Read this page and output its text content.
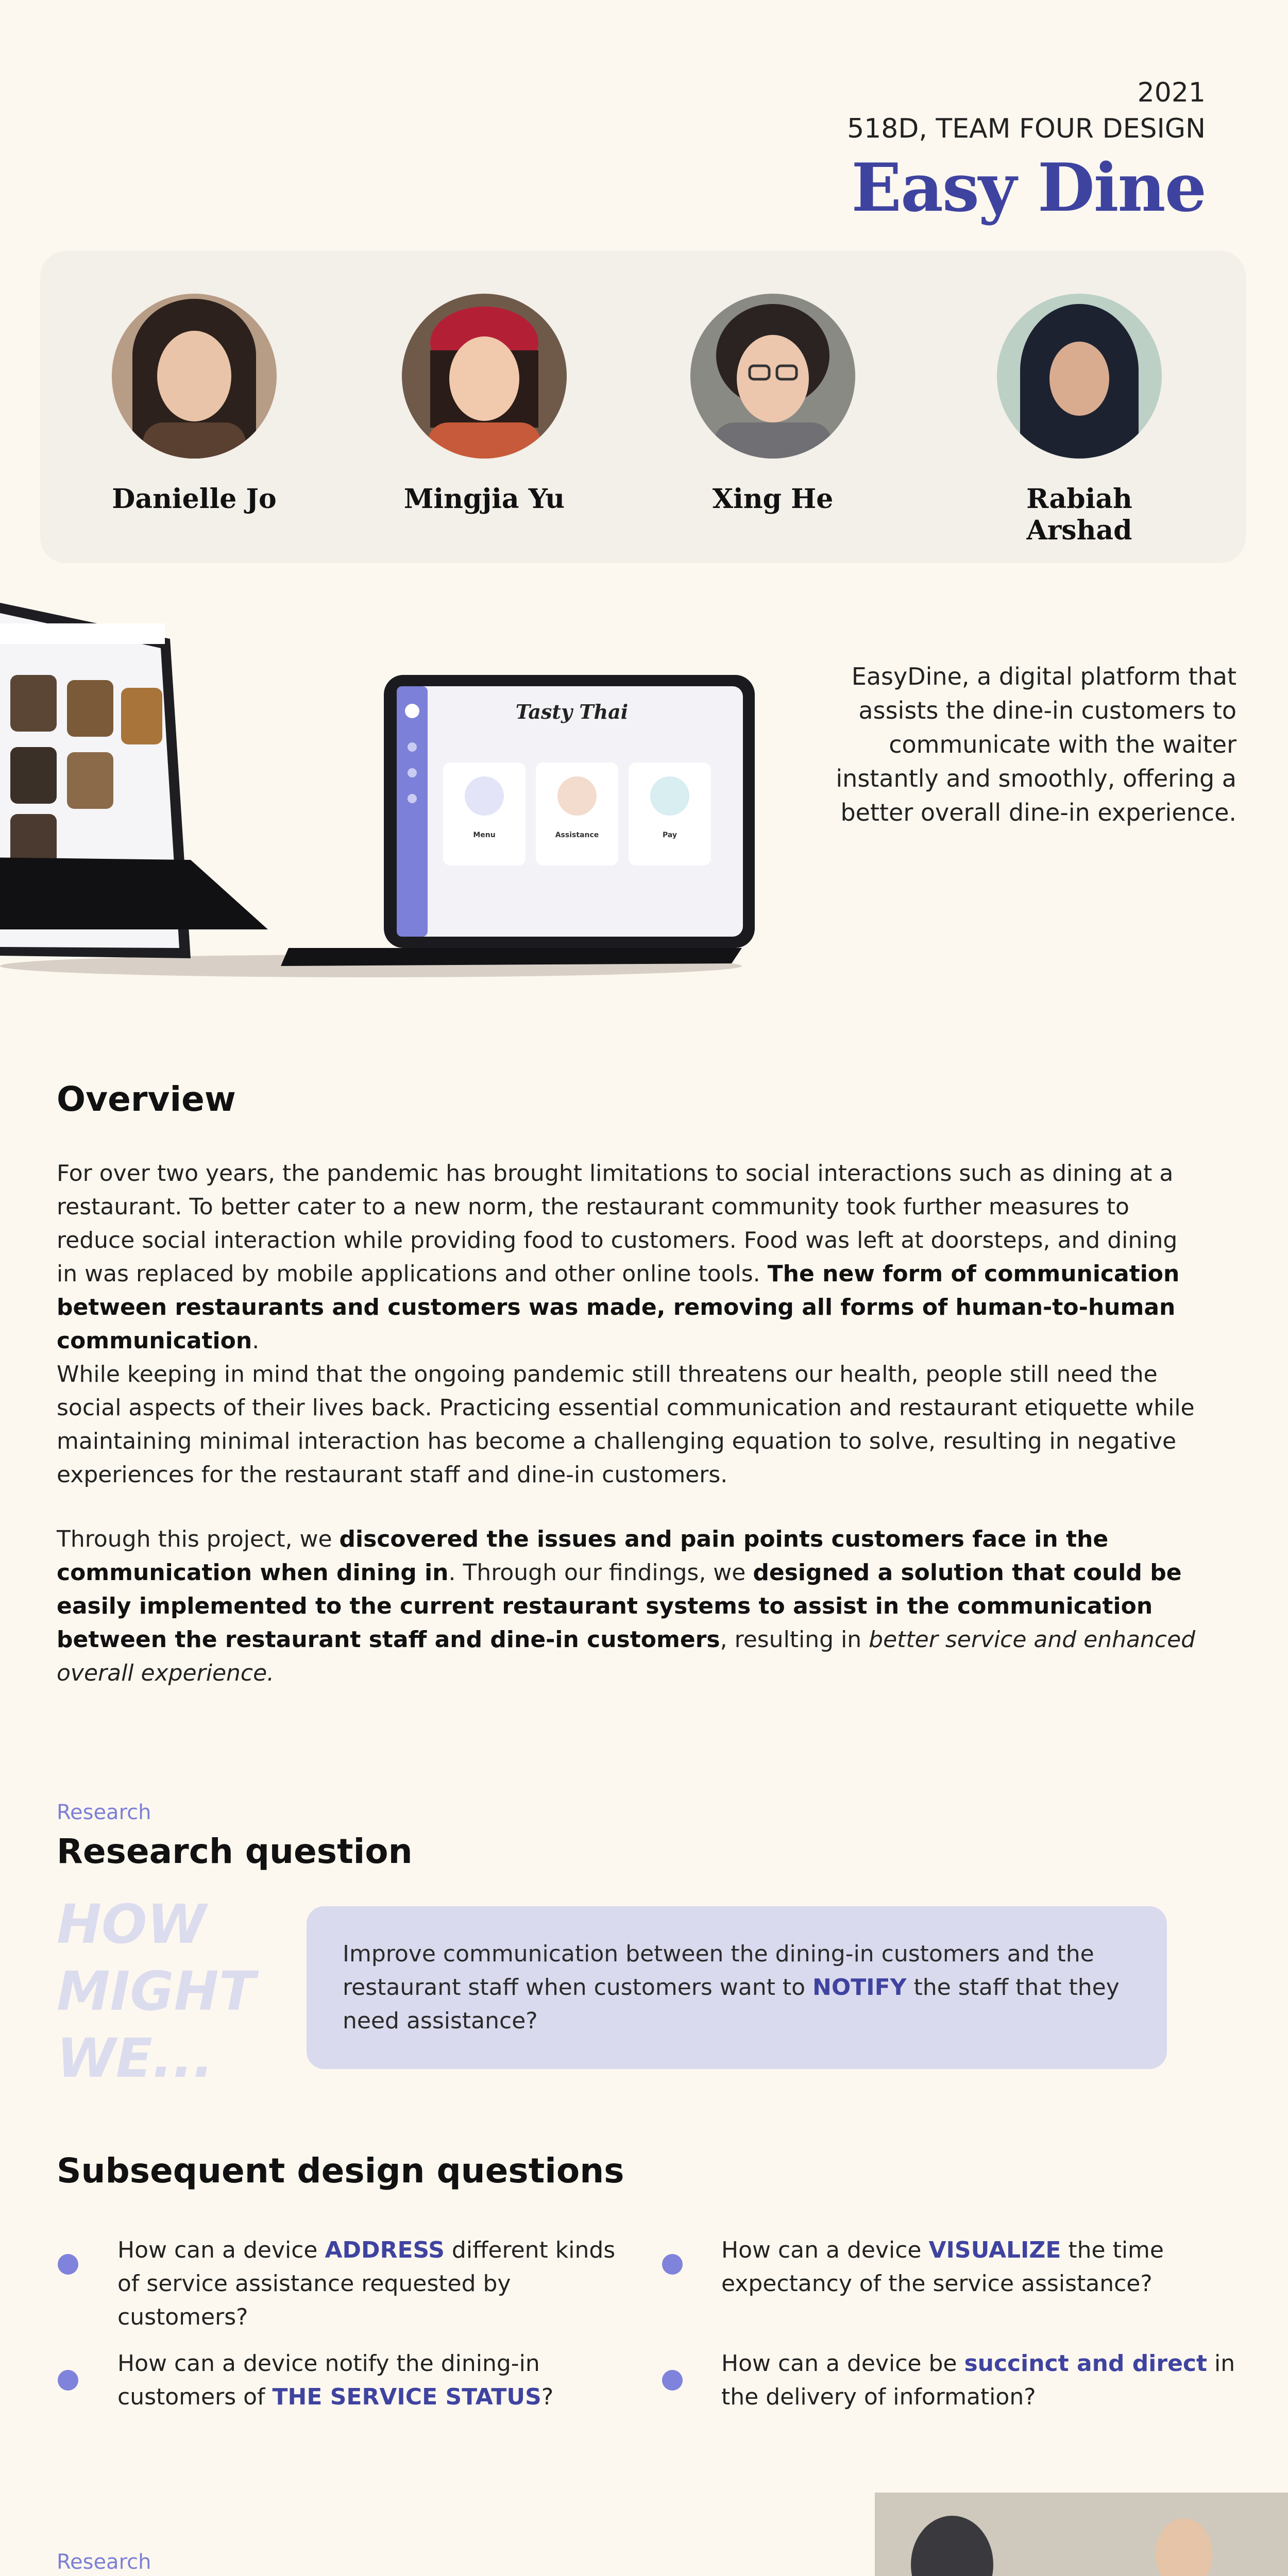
2021
518D, TEAM FOUR DESIGN
Easy Dine
Danielle Jo	Mingjia Yu	Xing He	Rabiah Arshad
Tasty Thai
Menu	Assistance	Pay
EasyDine, a digital platform that assists the dine-in customers to communicate with the waiter instantly and smoothly, offering a better overall dine-in experience.
Overview
For over two years, the pandemic has brought limitations to social interactions such as dining at a restaurant. To better cater to a new norm, the restaurant community took further measures to reduce social interaction while providing food to customers. Food was left at doorsteps, and dining in was replaced by mobile applications and other online tools. The new form of communication between restaurants and customers was made, removing all forms of human-to-human communication.
While keeping in mind that the ongoing pandemic still threatens our health, people still need the social aspects of their lives back. Practicing essential communication and restaurant etiquette while maintaining minimal interaction has become a challenging equation to solve, resulting in negative experiences for the restaurant staff and dine-in customers.
Through this project, we discovered the issues and pain points customers face in the communication when dining in. Through our findings, we designed a solution that could be easily implemented to the current restaurant systems to assist in the communication between the restaurant staff and dine-in customers, resulting in better service and enhanced overall experience.
Research
Research question
HOW
MIGHT
WE...
Improve communication between the dining-in customers and the restaurant staff when customers want to NOTIFY the staff that they need assistance?
Subsequent design questions
How can a device ADDRESS different kinds of service assistance requested by customers?
How can a device VISUALIZE the time expectancy of the service assistance?
How can a device notify the dining-in customers of THE SERVICE STATUS?
How can a device be succinct and direct in the delivery of information?
Research
